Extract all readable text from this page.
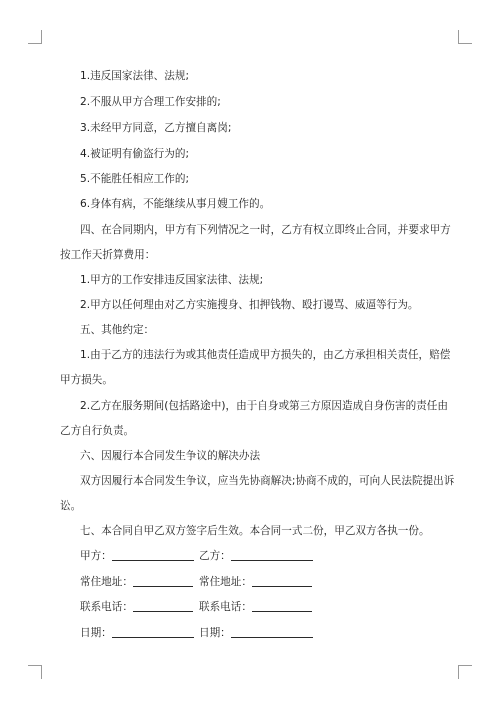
1.违反国家法律、法规;
2.不服从甲方合理工作安排的;
3.未经甲方同意，乙方擅自离岗;
4.被证明有偷盗行为的;
5.不能胜任相应工作的;
6.身体有病，不能继续从事月嫂工作的。
四、在合同期内，甲方有下列情况之一时，乙方有权立即终止合同，并要求甲方
按工作天折算费用：
1.甲方的工作安排违反国家法律、法规;
2.甲方以任何理由对乙方实施搜身、扣押钱物、殴打谩骂、威逼等行为。
五、其他约定：
1.由于乙方的违法行为或其他责任造成甲方损失的，由乙方承担相关责任，赔偿
甲方损失。
2.乙方在服务期间(包括路途中)，由于自身或第三方原因造成自身伤害的责任由
乙方自行负责。
六、因履行本合同发生争议的解决办法
双方因履行本合同发生争议，应当先协商解决;协商不成的，可向人民法院提出诉
讼。
七、本合同自甲乙双方签字后生效。本合同一式二份，甲乙双方各执一份。
甲方：	乙方：
常住地址：	常住地址：
联系电话：	联系电话：
日期：	日期：
